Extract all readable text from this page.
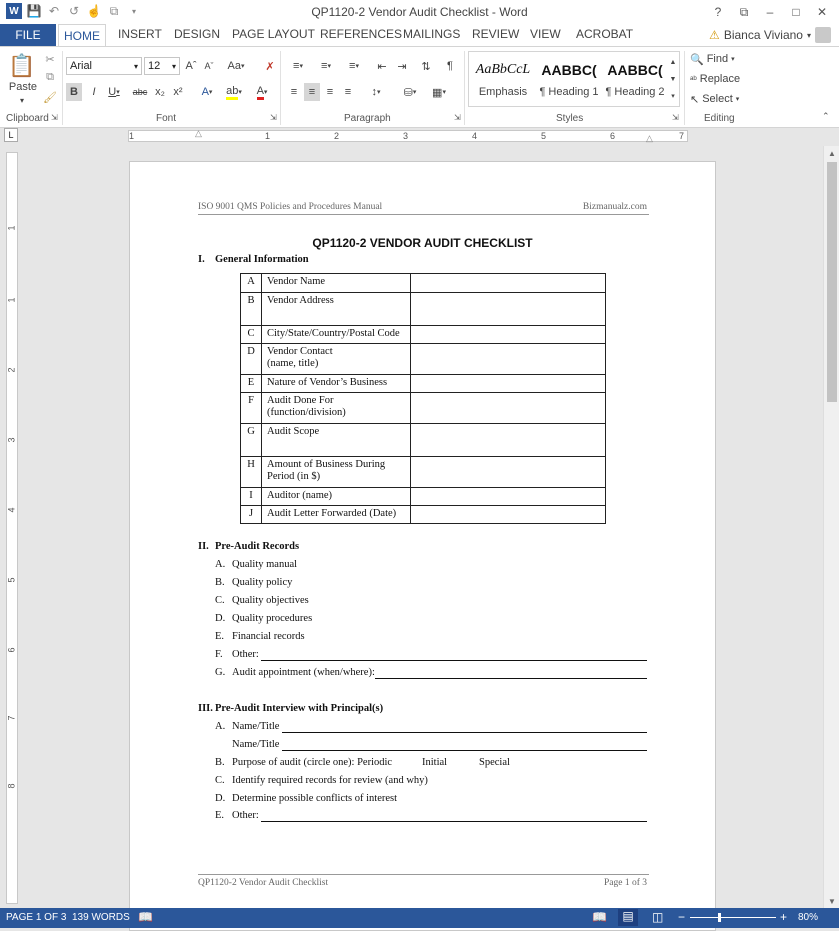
W 💾 ↶ ↺ ☝ ⧉	▾	QP1120-2 Vendor Audit Checklist - Word	?	⧉	–	□	✕
FILE	HOME	INSERT DESIGN PAGE LAYOUT REFERENCES MAILINGS REVIEW VIEW ACROBAT	⚠ Bianca Viviano ▾
📋
Paste
▾
✂
⧉
🖌
Clipboard ⇲
Arial	▾ 12 ▾ Aˆ Aˇ Aa ▾	✗
B	I	U ▾	abc x₂ x²	A ▾ ab ▾ A ▾
Font	⇲
≡ ▾	≡ ▾	≡ ▾	⇤ ⇥	⇅	¶
≡	≡	≡	≡	↕ ▾	⛁ ▾	▦ ▾
Paragraph	⇲
AaBbCcL
Emphasis
AABBC(
¶ Heading 1
AABBC(
¶ Heading 2
▲
▼
▾
Styles	⇲
🔍 Find ▾
ᵃᵇ Replace
↖ Select ▾
Editing	⌃
L	1	1	2	3	4	5	6	7
△	△
1
1
2
3
4
5
6
7
8
▲
▼
ISO 9001 QMS Policies and Procedures Manual	Bizmanualz.com
QP1120-2 VENDOR AUDIT CHECKLIST
I. General Information
A	Vendor Name	
B	Vendor Address	
C	City/State/Country/Postal Code	
D	Vendor Contact
(name, title)	
E	Nature of Vendor’s Business	
F	Audit Done For
(function/division)	
G	Audit Scope	
H	Amount of Business During
Period (in $)	
I	Auditor (name)	
J	Audit Letter Forwarded (Date)	
II. Pre-Audit Records
A. Quality manual
B. Quality policy
C. Quality objectives
D. Quality procedures
E. Financial records
F. Other:
G. Audit appointment (when/where):
III. Pre-Audit Interview with Principal(s)
A. Name/Title
Name/Title
B. Purpose of audit (circle one): Periodic	Initial	Special
C. Identify required records for review (and why)
D. Determine possible conflicts of interest
E. Other:
QP1120-2 Vendor Audit Checklist	Page 1 of 3
PAGE 1 OF 3 139 WORDS 📖	📖	▤	◫ −	+ 80%
